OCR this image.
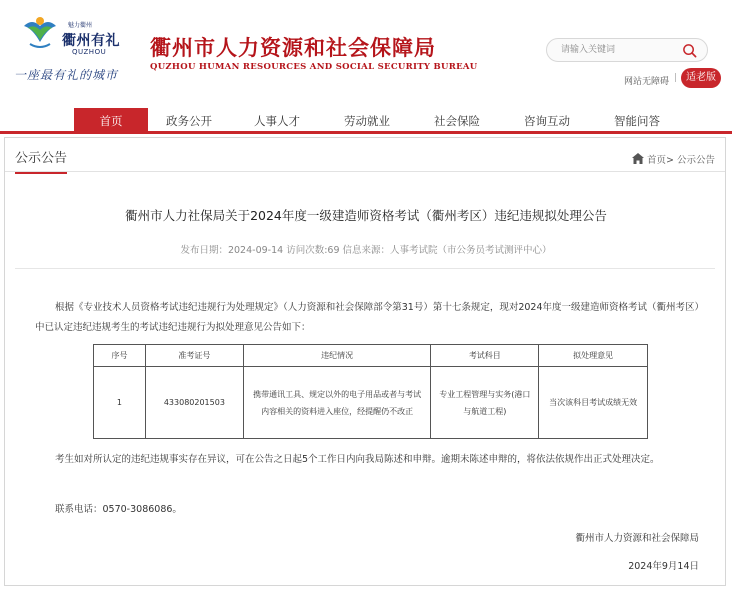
魅力衢州
衢州有礼
QUZHOU
一座最有礼的城市
衢州市人力资源和社会保障局
QUZHOU HUMAN RESOURCES AND SOCIAL SECURITY BUREAU
请输入关键词
网站无障碍 | 适老版
首页	政务公开	人事人才	劳动就业	社会保险	咨询互动	智能问答
公示公告	首页> 公示公告
衢州市人力社保局关于2024年度一级建造师资格考试（衢州考区）违纪违规拟处理公告
发布日期：2024-09-14 访问次数:69 信息来源：人事考试院（市公务员考试测评中心）
根据《专业技术人员资格考试违纪违规行为处理规定》（人力资源和社会保障部令第31号）第十七条规定，现对2024年度一级建造师资格考试（衢州考区）中已认定违纪违规考生的考试违纪违规行为拟处理意见公告如下：
序号	准考证号	违纪情况	考试科目	拟处理意见
1	433080201503	携带通讯工具、规定以外的电子用品或者与考试内容相关的资料进入座位，经提醒仍不改正	专业工程管理与实务(港口与航道工程)	当次该科目考试成绩无效
考生如对所认定的违纪违规事实存在异议，可在公告之日起5个工作日内向我局陈述和申辩。逾期未陈述申辩的，将依法依规作出正式处理决定。
联系电话：0570-3086086。
衢州市人力资源和社会保障局
2024年9月14日
